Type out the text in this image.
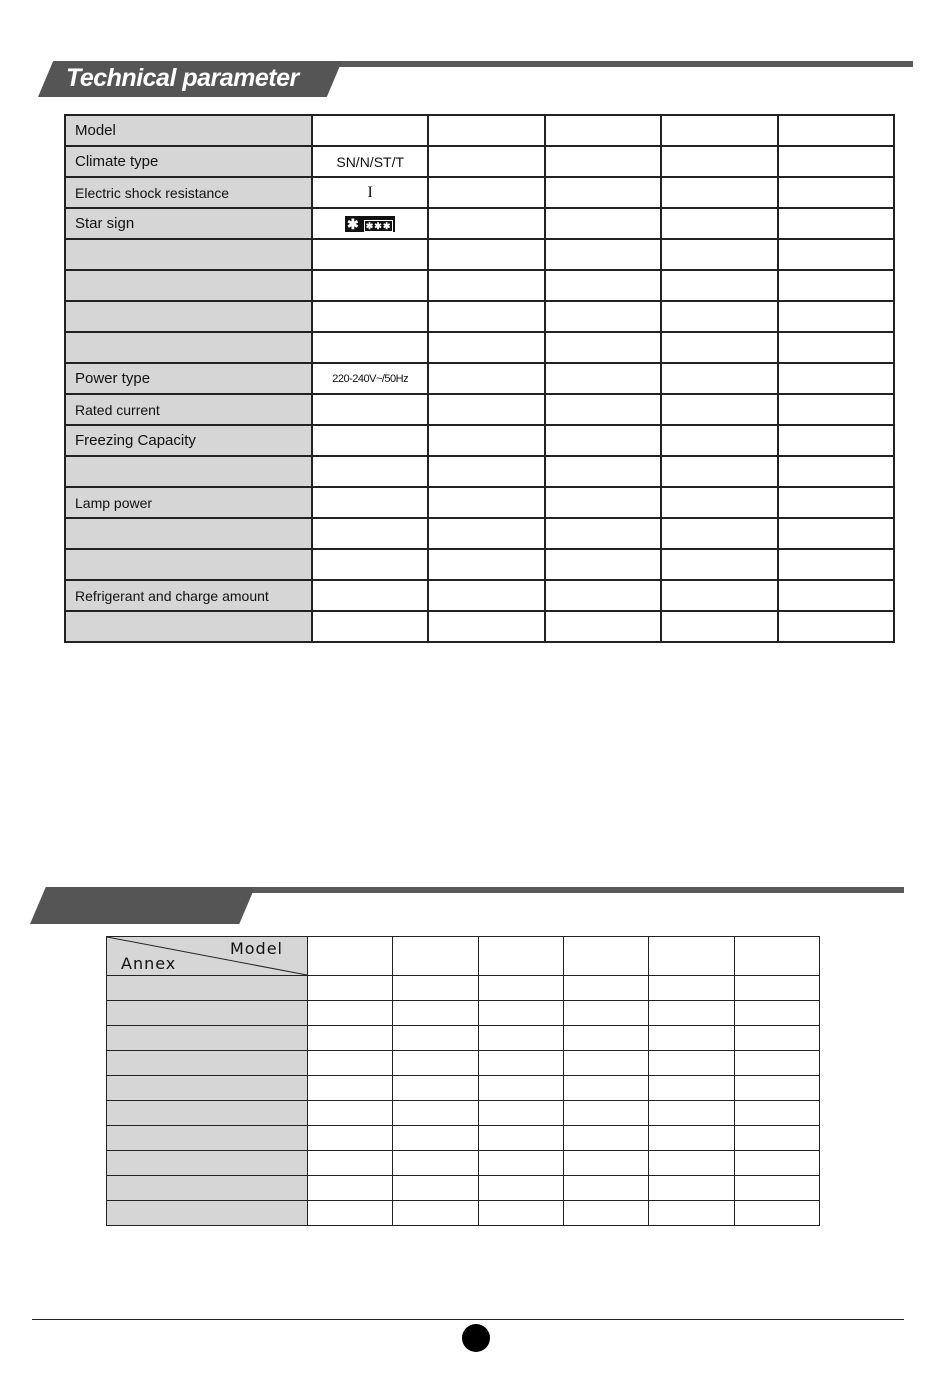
Technical parameter
Model					
Climate type	SN/N/ST/T				
Electric shock resistance	I				
Star sign	✱ ✱✱✱				

Power type	220-240V~/50Hz				
Rated current					
Freezing Capacity					

Lamp power					

Refrigerant and charge amount					

Model
Annex						
